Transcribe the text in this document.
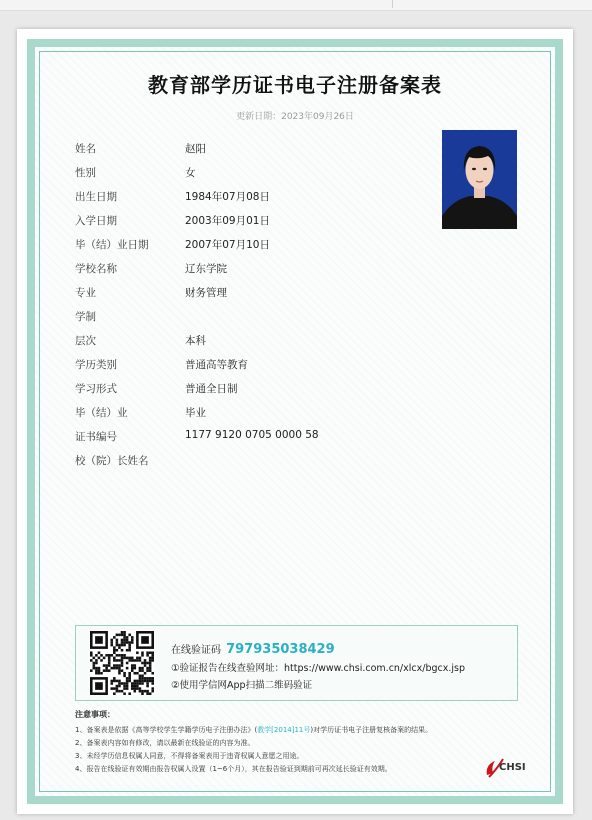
教育部学历证书电子注册备案表
更新日期：2023年09月26日
姓名	赵阳
性别	女
出生日期	1984年07月08日
入学日期	2003年09月01日
毕（结）业日期	2007年07月10日
学校名称	辽东学院
专业	财务管理
学制
层次	本科
学历类别	普通高等教育
学习形式	普通全日制
毕（结）业	毕业
证书编号	1177 9120 0705 0000 58
校（院）长姓名
在线验证码 797935038429
①验证报告在线查验网址：https://www.chsi.com.cn/xlcx/bgcx.jsp
②使用学信网App扫描二维码验证
注意事项：
1、备案表是依据《高等学校学生学籍学历电子注册办法》(教学[2014]11号)对学历证书电子注册复核备案的结果。
2、备案表内容如有修改，请以最新在线验证的内容为准。
3、未经学历信息权属人同意，不得将备案表用于违背权属人意愿之用途。
4、报告在线验证有效期由报告权属人设置（1~6个月），其在报告验证到期前可再次延长验证有效期。	CHSI
